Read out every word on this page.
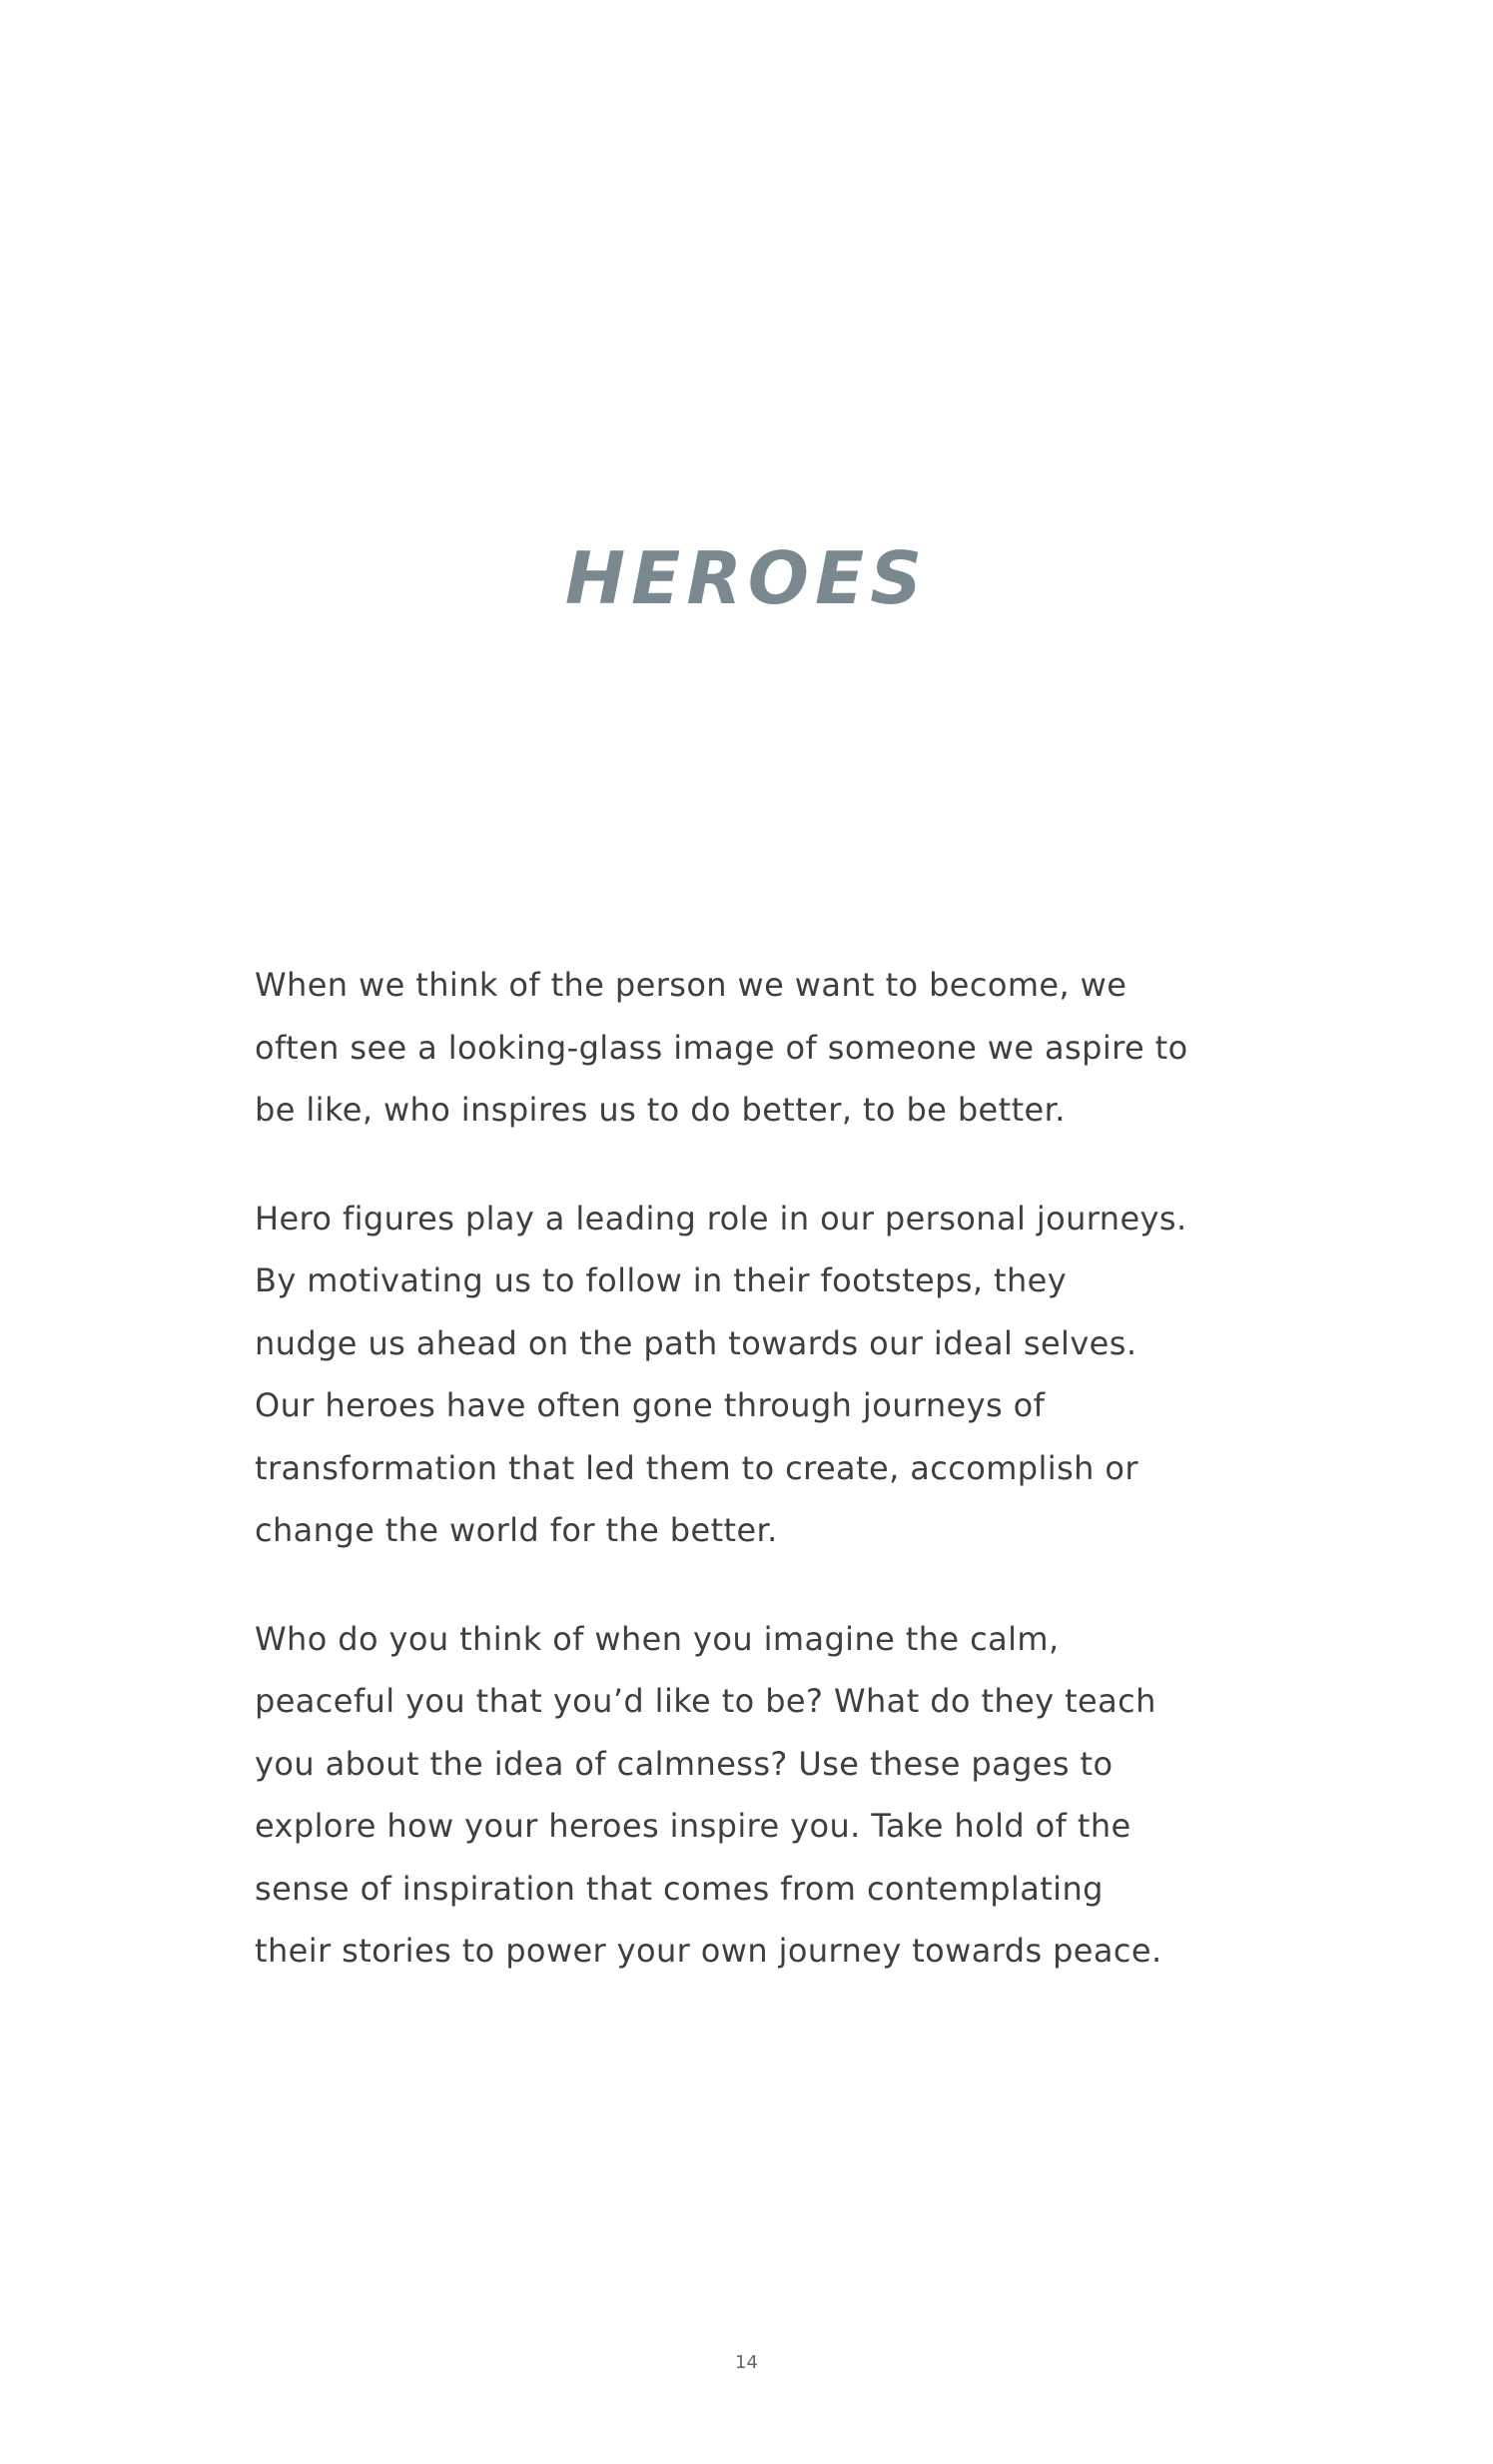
HEROES

When we think of the person we want to become, we
often see a looking-glass image of someone we aspire to
be like, who inspires us to do better, to be better.

Hero figures play a leading role in our personal journeys.
By motivating us to follow in their footsteps, they
nudge us ahead on the path towards our ideal selves.
Our heroes have often gone through journeys of
transformation that led them to create, accomplish or
change the world for the better.

Who do you think of when you imagine the calm,
peaceful you that you’d like to be? What do they teach
you about the idea of calmness? Use these pages to
explore how your heroes inspire you. Take hold of the
sense of inspiration that comes from contemplating
their stories to power your own journey towards peace.

14
